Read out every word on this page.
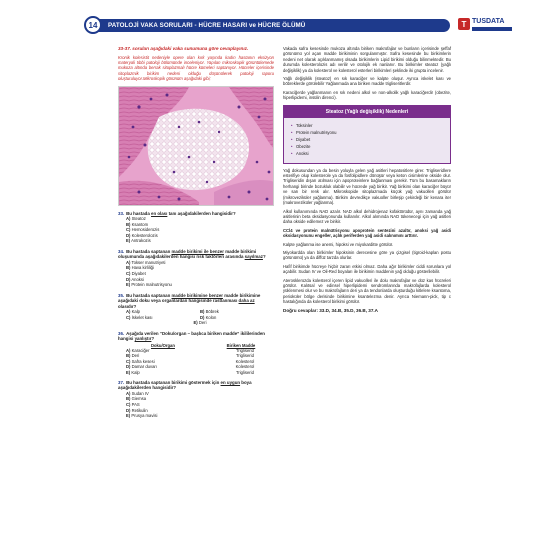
PATOLOJİ VAKA SORULARI - HÜCRE HASARI ve HÜCRE ÖLÜMÜ
14	T TUSDATA
33-37. soruları aşağıdaki vaka sunumuna göre cevaplayınız.
Kronik kolesistit nedeniyle opere olan kırk yaşında kadın hastanın eksizyon materyali tıbbi patoloji bölümünde inceleniyor. Yapılan mikroskopik görüntülemede mukoza altında berrak sitoplazmalı hücre kümeleri saptanıyor. Hücreler içerisinde sitoplazmik birikim nedeni olduğu düşünülerek patoloji raporu oluşturuluyor.Mikroskopik görünüm aşağıdaki gibi;
33. Bu hastada en olası tanı aşağıdakilerden hangisidir?
A) Steatoz
B) Ksantom
C) Hemosiderozis
D) Kolesterolozis
E) Antrakozis
34. Bu hastada saptanan madde birikimi ile benzer madde birikimi oluşumunda aşağıdakilerden hangisi risk faktörleri arasında sayılmaz?
A) Tokser manutriyeti
B) Hava kirliliği
C) Diyabet
D) Anoksi
E) Protein malnutrisyonu
35. Bu hastada saptanan madde birikimine benzer madde birikimine aşağıdaki doku veya organlardan hangisinde rastlanması daha az olasıdır?
A) Kalp	B) Böbrek
C) İskelet kası	D) Kolon
E) Deri
36. Aşağıda verilen “Doku/organ – başlıca biriken madde” ikililerinden hangisi yanlıştır?
Doku/Organ	Biriken Madde
A) Karaciğer	Trigliserid
B) Deri	Trigliserid
C) Safra kesesi	Kolesterol
D) Damar duvarı	Kolesterol
E) Kalp	Trigliserid
37. Bu hastada saptanan birikimi göstermek için en uygun boya aşağıdakilerden hangisidir?
A) Sudan IV
B) Giemsa
C) PAS
D) Retikulin
E) Prusya mavisi
Vakada safra kesesinde mukoza altında biriken makrofajlar ve bunların içerisinde şeffaf görünümü yol açan madde birikiminin sorgulanmıştır. Safra kesesinde bu birikimlerin nedeni net olarak açıklanmamış olsada birikimlerin Lipid birikimi olduğu bilinmektedir. Bu durumda kolesterolozis adı verilir ve otolojik ek nanlarıır. Bu birikimler steatoz (yağlı değişiklik) ya da kolesterol ve kolesterol esterleri birikimleri şeklinde iki grupta incelenir.
Yağlı değişiklik (steatoz) en sık karaciğer ve kalpte oluşur. Ayrıca iskelet kası ve böbreklerde görülebilir Yağlanmada ana biriken madde trigliseritlerdir.
Karaciğerde yağlanmanın en sık nedeni alkol ve non-alkolik yağlı karaciğerdir (obezite, hiperlipidemi, insülin direnci).
Steatoz (Yağlı değişiklik) Nedenleri
• Toksinler
• Protein malnutrisyonu
• Diyabet
• Obezite
• Anoksi
Yağ dokusundan ya da besin yoluyla gelen yağ asitleri hepatositlere girer. Trigliseridlere esterifiye olup kolesterole ya da fosfolipidlere dönüşür veya keton cisimlerine okside olur. Trigliseridin dışarı atılması için apoproteinlere bağlanması gerekir. Tüm bu basamakların herhangi birinde bozukluk olabilir ve hücrede yağ birikir. Yağ birikimi olan karaciğer büyür ve sarı bir renk alır. Mikroskopide sitoplazmada küçük yağ vakuolleri görülür (mikroveziküler yağlanma). Birikim devredikçe vakuoller birleşip çekirdeği bir kenara iter (makroveziküler yağlanma).
Alkol kullanımında NAD azalır. NAD alkol dehidrojenaz kofaktörüdür, aynı zamanda yağ asitlerinin beta oksidasyonunda kullanılır. Alkol alımında NAD tükenecegi için yağ asitleri daha okside edilemez ve birikir.
CCl4 ve protein malnütrisyonu apoprotein sentezini azaltır, anoksi yağ asidi oksidasyonunu engeller, açlık periferden yağ asidi salınımını arttırır.
Kalpte yağlanma ise anemi, hipoksi ve miyokarditte görülür.
Miyokardda olan birikimler hipoksinin derecesine göre ya çizgisel (tigroid-kaplan postu görünümü) ya da diffüz tarzda olurlar.
Hafif birikimde hücreye hiçbir zararı etkisi olmaz. Daha ağır birikimler ciddi sorunlara yol açabilir. Sudan IV ve Oil-Red boyaları ile birikimin maddenin yağ olduğu gösterilebilir.
Aterosklerozda kolesterol içeren lipid vakuolleri ile dolu makrofajlar ve düz kas hücreleri görülür. Kalıtsal ve edinsel hiperlipidemi sendromlarında makrofajlarda kolesterol yüklenmesi olur ve bu makrofajların deri ya da tendonlarda oluşturduğu kitlelere ksantoma, perioküler bölge derisinde birikimine ksantelezma denir. Ayrıca Niemann-pick, tip c hastalığında da kolesterol birikimi görülür.
Doğru cevaplar: 33.D, 34.B, 35.D, 36.B, 37.A
